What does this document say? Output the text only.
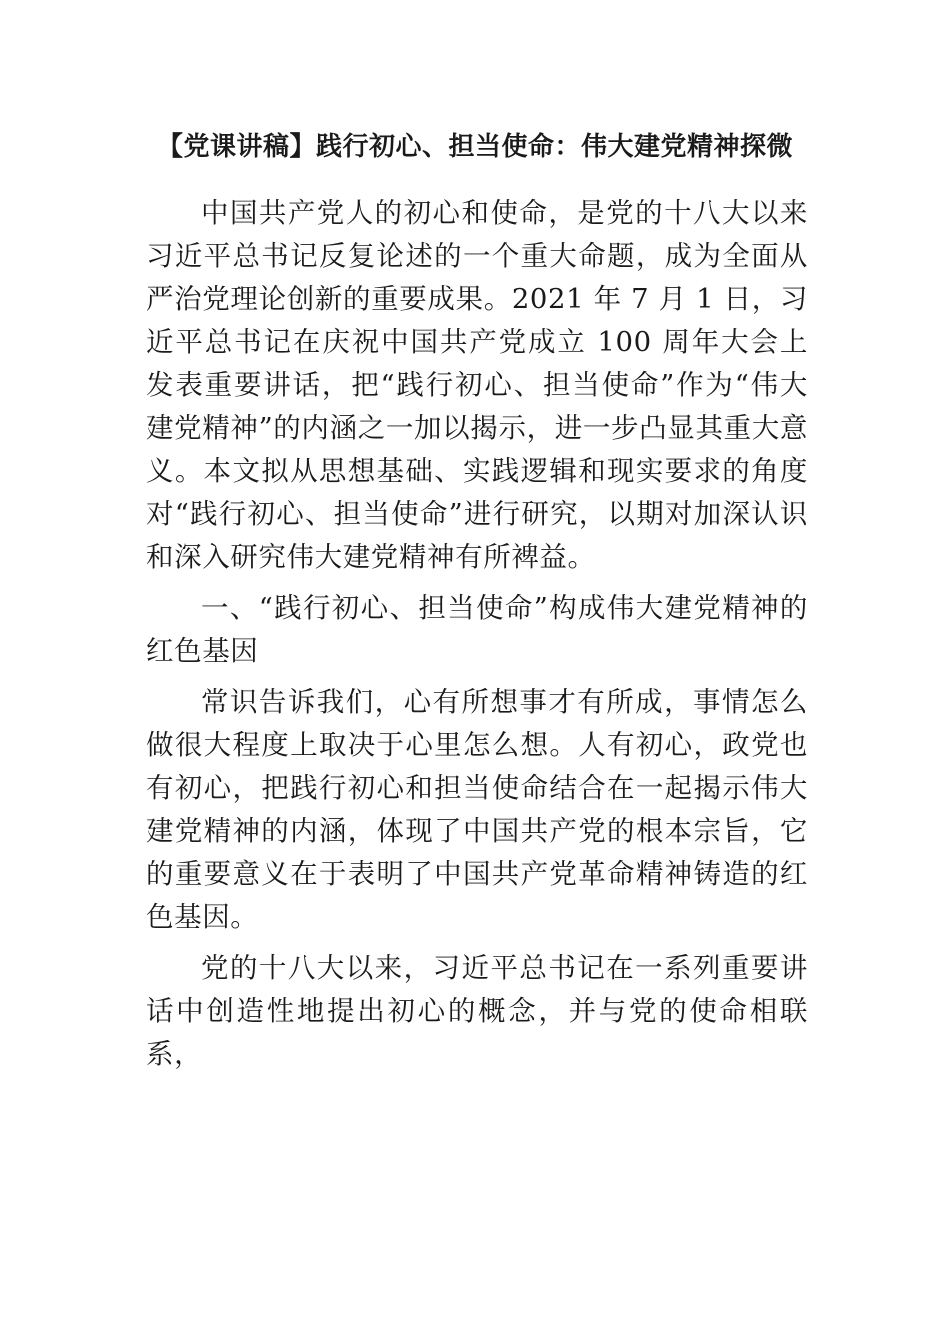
【党课讲稿】践行初心、担当使命：伟大建党精神探微

中国共产党人的初心和使命，是党的十八大以来习近平总书记反复论述的一个重大命题，成为全面从严治党理论创新的重要成果。2021 年 7 月 1 日，习近平总书记在庆祝中国共产党成立 100 周年大会上发表重要讲话，把“践行初心、担当使命”作为“伟大建党精神”的内涵之一加以揭示，进一步凸显其重大意义。本文拟从思想基础、实践逻辑和现实要求的角度对“践行初心、担当使命”进行研究，以期对加深认识和深入研究伟大建党精神有所裨益。

一、“践行初心、担当使命”构成伟大建党精神的红色基因

常识告诉我们，心有所想事才有所成，事情怎么做很大程度上取决于心里怎么想。人有初心，政党也有初心，把践行初心和担当使命结合在一起揭示伟大建党精神的内涵，体现了中国共产党的根本宗旨，它的重要意义在于表明了中国共产党革命精神铸造的红色基因。

党的十八大以来，习近平总书记在一系列重要讲话中创造性地提出初心的概念，并与党的使命相联系，
